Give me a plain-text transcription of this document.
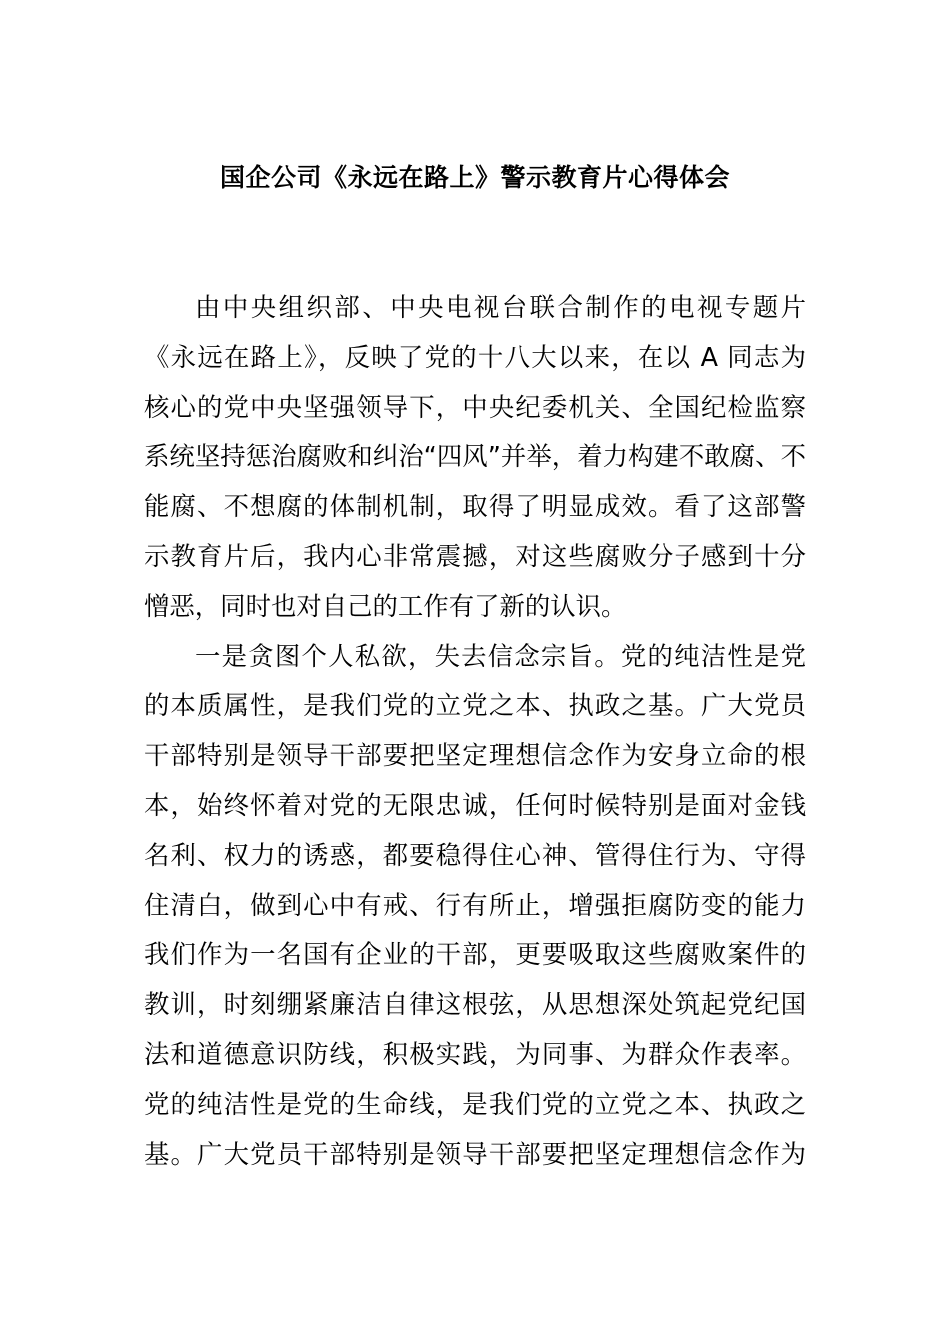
国企公司《永远在路上》警示教育片心得体会
由中央组织部、中央电视台联合制作的电视专题片
《永远在路上》，反映了党的十八大以来，在以 A 同志为
核心的党中央坚强领导下，中央纪委机关、全国纪检监察
系统坚持惩治腐败和纠治“四风”并举，着力构建不敢腐、不
能腐、不想腐的体制机制，取得了明显成效。看了这部警
示教育片后，我内心非常震撼，对这些腐败分子感到十分
憎恶，同时也对自己的工作有了新的认识。
一是贪图个人私欲，失去信念宗旨。党的纯洁性是党
的本质属性，是我们党的立党之本、执政之基。广大党员
干部特别是领导干部要把坚定理想信念作为安身立命的根
本，始终怀着对党的无限忠诚，任何时候特别是面对金钱
名利、权力的诱惑，都要稳得住心神、管得住行为、守得
住清白，做到心中有戒、行有所止，增强拒腐防变的能力
我们作为一名国有企业的干部，更要吸取这些腐败案件的
教训，时刻绷紧廉洁自律这根弦，从思想深处筑起党纪国
法和道德意识防线，积极实践，为同事、为群众作表率。
党的纯洁性是党的生命线，是我们党的立党之本、执政之
基。广大党员干部特别是领导干部要把坚定理想信念作为
